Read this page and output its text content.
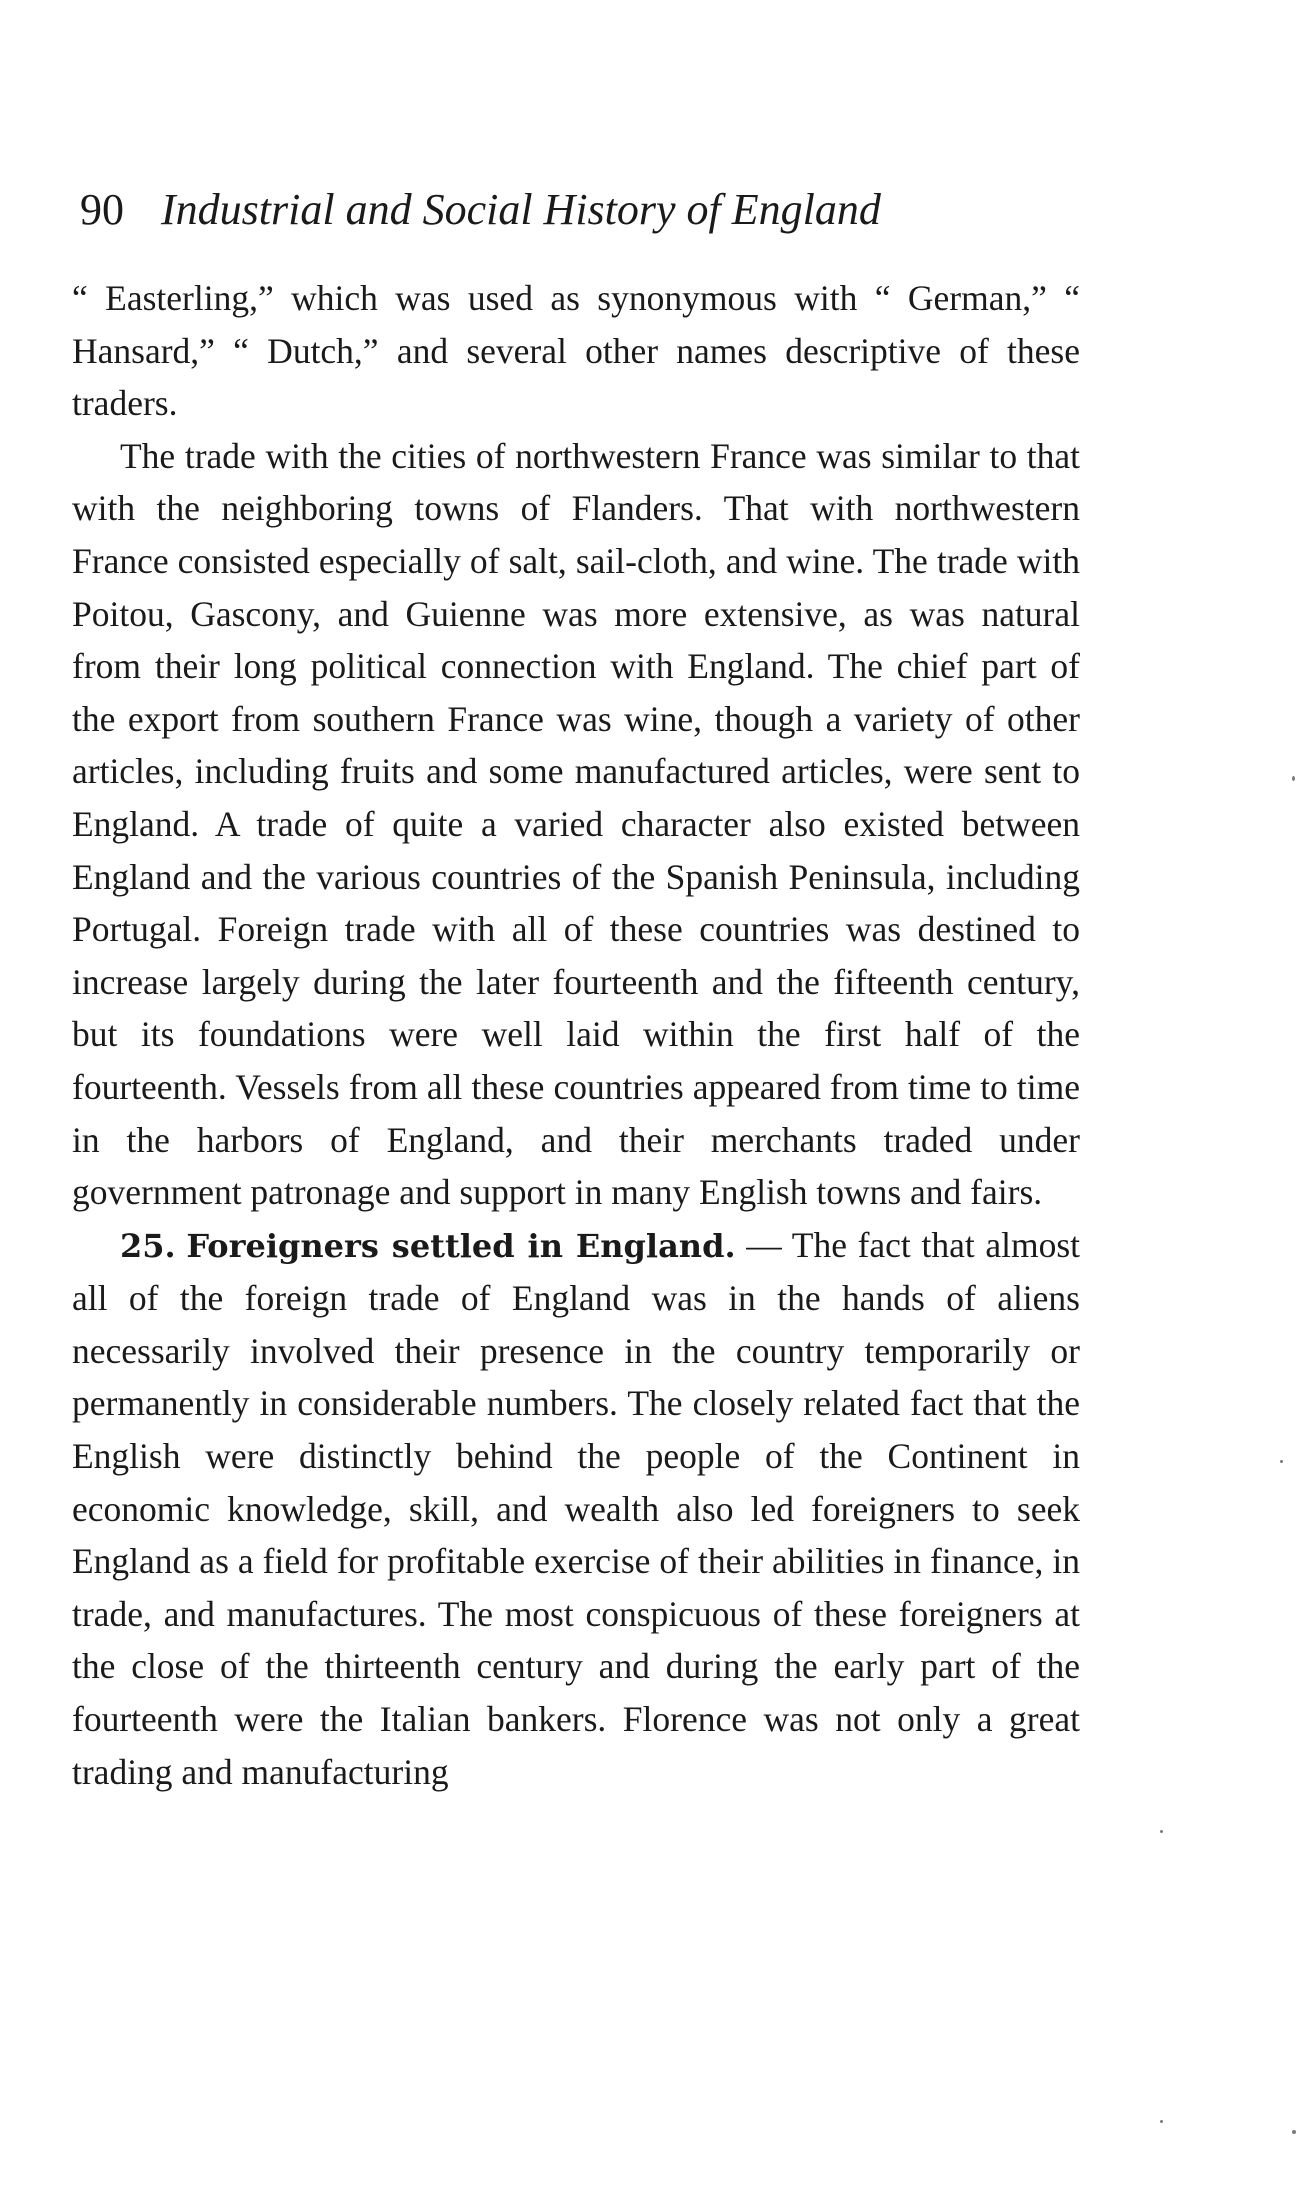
90 Industrial and Social History of England

“ Easterling,” which was used as synonymous with “ German,” “ Hansard,” “ Dutch,” and several other names descriptive of these traders.

The trade with the cities of northwestern France was similar to that with the neighboring towns of Flanders. That with northwestern France consisted especially of salt, sail-cloth, and wine. The trade with Poitou, Gascony, and Guienne was more extensive, as was natural from their long political connection with England. The chief part of the export from southern France was wine, though a variety of other articles, including fruits and some manufactured articles, were sent to England. A trade of quite a varied character also existed between England and the various countries of the Spanish Peninsula, including Portugal. Foreign trade with all of these countries was destined to increase largely during the later fourteenth and the fifteenth century, but its foundations were well laid within the first half of the fourteenth. Vessels from all these countries appeared from time to time in the harbors of England, and their merchants traded under government patronage and support in many English towns and fairs.

25. Foreigners settled in England. — The fact that almost all of the foreign trade of England was in the hands of aliens necessarily involved their presence in the country temporarily or permanently in considerable numbers. The closely related fact that the English were distinctly behind the people of the Continent in economic knowledge, skill, and wealth also led foreigners to seek England as a field for profitable exercise of their abilities in finance, in trade, and manufactures. The most conspicuous of these foreigners at the close of the thirteenth century and during the early part of the fourteenth were the Italian bankers. Florence was not only a great trading and manufacturing
